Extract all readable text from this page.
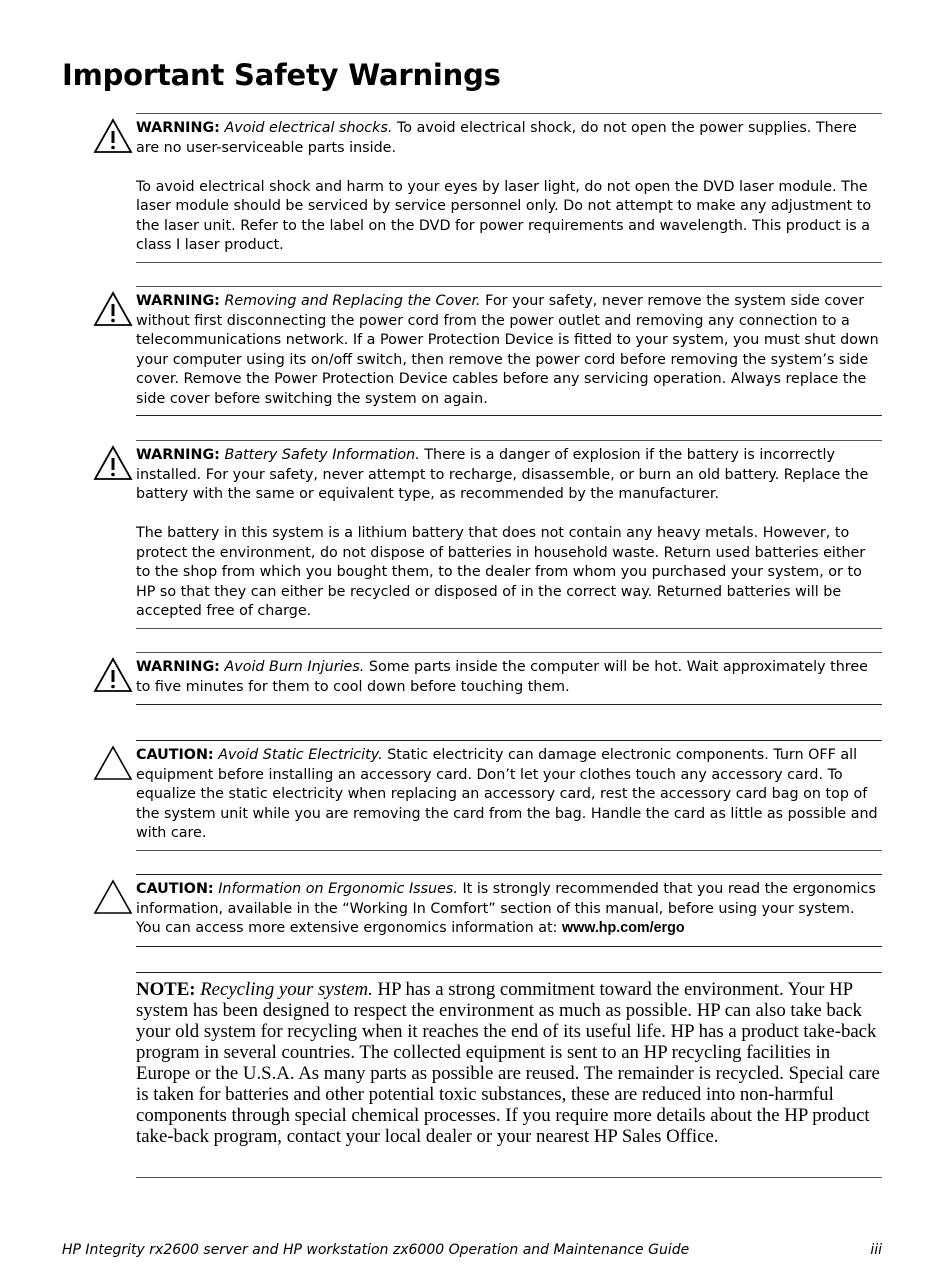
Important Safety Warnings

WARNING: Avoid electrical shocks. To avoid electrical shock, do not open the power supplies. There are no user-serviceable parts inside.

To avoid electrical shock and harm to your eyes by laser light, do not open the DVD laser module. The laser module should be serviced by service personnel only. Do not attempt to make any adjustment to the laser unit. Refer to the label on the DVD for power requirements and wavelength. This product is a class I laser product.

WARNING: Removing and Replacing the Cover. For your safety, never remove the system side cover without first disconnecting the power cord from the power outlet and removing any connection to a telecommunications network. If a Power Protection Device is fitted to your system, you must shut down your computer using its on/off switch, then remove the power cord before removing the system’s side cover. Remove the Power Protection Device cables before any servicing operation. Always replace the side cover before switching the system on again.

WARNING: Battery Safety Information. There is a danger of explosion if the battery is incorrectly installed. For your safety, never attempt to recharge, disassemble, or burn an old battery. Replace the battery with the same or equivalent type, as recommended by the manufacturer.

The battery in this system is a lithium battery that does not contain any heavy metals. However, to protect the environment, do not dispose of batteries in household waste. Return used batteries either to the shop from which you bought them, to the dealer from whom you purchased your system, or to HP so that they can either be recycled or disposed of in the correct way. Returned batteries will be accepted free of charge.

WARNING: Avoid Burn Injuries. Some parts inside the computer will be hot. Wait approximately three to five minutes for them to cool down before touching them.

CAUTION: Avoid Static Electricity. Static electricity can damage electronic components. Turn OFF all equipment before installing an accessory card. Don’t let your clothes touch any accessory card. To equalize the static electricity when replacing an accessory card, rest the accessory card bag on top of the system unit while you are removing the card from the bag. Handle the card as little as possible and with care.

CAUTION: Information on Ergonomic Issues. It is strongly recommended that you read the ergonomics information, available in the “Working In Comfort” section of this manual, before using your system. You can access more extensive ergonomics information at: www.hp.com/ergo

NOTE: Recycling your system. HP has a strong commitment toward the environment. Your HP system has been designed to respect the environment as much as possible. HP can also take back your old system for recycling when it reaches the end of its useful life. HP has a product take-back program in several countries. The collected equipment is sent to an HP recycling facilities in Europe or the U.S.A. As many parts as possible are reused. The remainder is recycled. Special care is taken for batteries and other potential toxic substances, these are reduced into non-harmful components through special chemical processes. If you require more details about the HP product take-back program, contact your local dealer or your nearest HP Sales Office.
HP Integrity rx2600 server and HP workstation zx6000 Operation and Maintenance Guide	iii
